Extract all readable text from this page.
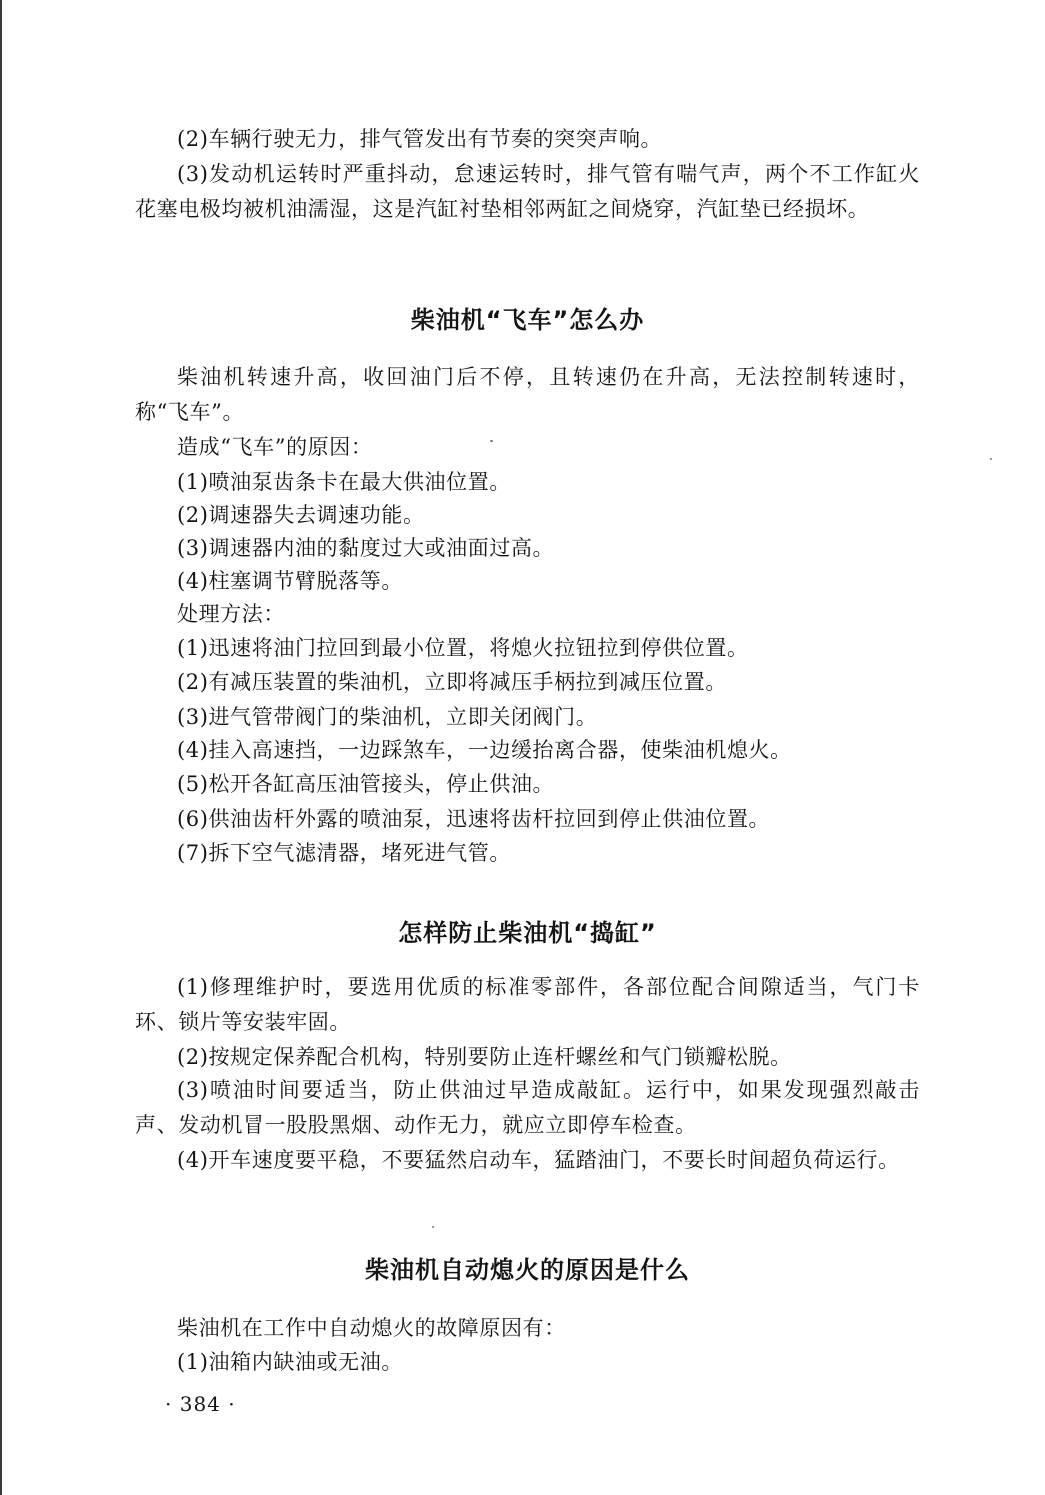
(2)车辆行驶无力，排气管发出有节奏的突突声响。

(3)发动机运转时严重抖动，怠速运转时，排气管有喘气声，两个不工作缸火花塞电极均被机油濡湿，这是汽缸衬垫相邻两缸之间烧穿，汽缸垫已经损坏。

柴油机“飞车”怎么办

柴油机转速升高，收回油门后不停，且转速仍在升高，无法控制转速时，称“飞车”。

造成“飞车”的原因：

(1)喷油泵齿条卡在最大供油位置。

(2)调速器失去调速功能。

(3)调速器内油的黏度过大或油面过高。

(4)柱塞调节臂脱落等。

处理方法：

(1)迅速将油门拉回到最小位置，将熄火拉钮拉到停供位置。

(2)有减压装置的柴油机，立即将减压手柄拉到减压位置。

(3)进气管带阀门的柴油机，立即关闭阀门。

(4)挂入高速挡，一边踩煞车，一边缓抬离合器，使柴油机熄火。

(5)松开各缸高压油管接头，停止供油。

(6)供油齿杆外露的喷油泵，迅速将齿杆拉回到停止供油位置。

(7)拆下空气滤清器，堵死进气管。

怎样防止柴油机“捣缸”

(1)修理维护时，要选用优质的标准零部件，各部位配合间隙适当，气门卡环、锁片等安装牢固。

(2)按规定保养配合机构，特别要防止连杆螺丝和气门锁瓣松脱。

(3)喷油时间要适当，防止供油过早造成敲缸。运行中，如果发现强烈敲击声、发动机冒一股股黑烟、动作无力，就应立即停车检查。

(4)开车速度要平稳，不要猛然启动车，猛踏油门，不要长时间超负荷运行。

柴油机自动熄火的原因是什么

柴油机在工作中自动熄火的故障原因有：

(1)油箱内缺油或无油。

· 384 ·
